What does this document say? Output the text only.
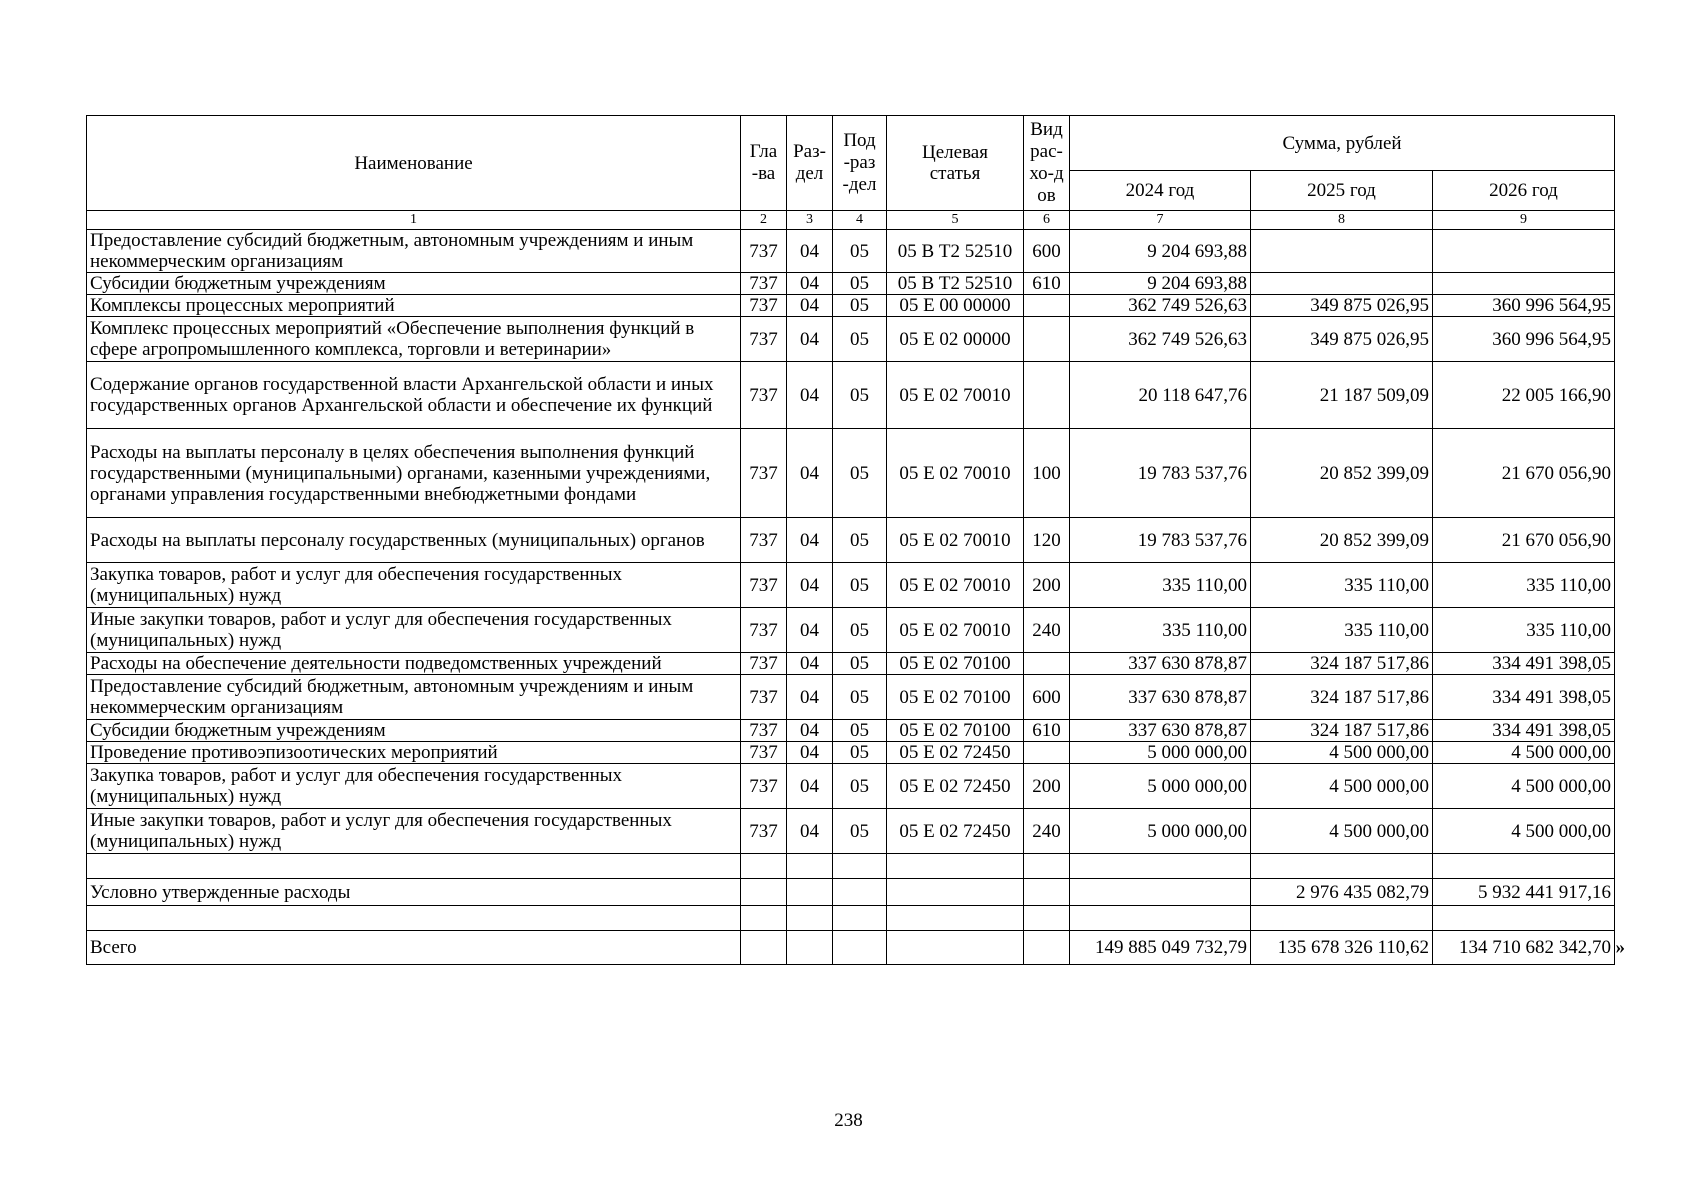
Наименование	Гла-ва	Раз-дел	Под-раз-дел	Целевая статья	Вид рас-хо-дов	Сумма, рублей		
						2024 год	2025 год	2026 год
1	2	3	4	5	6	7	8	9
Предоставление субсидий бюджетным, автономным учреждениям и иным некоммерческим организациям	737	04	05	05 В Т2 52510	600	9 204 693,88		
Субсидии бюджетным учреждениям	737	04	05	05 В Т2 52510	610	9 204 693,88		
Комплексы процессных мероприятий	737	04	05	05 Е 00 00000		362 749 526,63	349 875 026,95	360 996 564,95
Комплекс процессных мероприятий «Обеспечение выполнения функций в сфере агропромышленного комплекса, торговли и ветеринарии»	737	04	05	05 Е 02 00000		362 749 526,63	349 875 026,95	360 996 564,95
Содержание органов государственной власти Архангельской области и иных государственных органов Архангельской области и обеспечение их функций	737	04	05	05 Е 02 70010		20 118 647,76	21 187 509,09	22 005 166,90
Расходы на выплаты персоналу в целях обеспечения выполнения функций государственными (муниципальными) органами, казенными учреждениями, органами управления государственными внебюджетными фондами	737	04	05	05 Е 02 70010	100	19 783 537,76	20 852 399,09	21 670 056,90
Расходы на выплаты персоналу государственных (муниципальных) органов	737	04	05	05 Е 02 70010	120	19 783 537,76	20 852 399,09	21 670 056,90
Закупка товаров, работ и услуг для обеспечения государственных (муниципальных) нужд	737	04	05	05 Е 02 70010	200	335 110,00	335 110,00	335 110,00
Иные закупки товаров, работ и услуг для обеспечения государственных (муниципальных) нужд	737	04	05	05 Е 02 70010	240	335 110,00	335 110,00	335 110,00
Расходы на обеспечение деятельности подведомственных учреждений	737	04	05	05 Е 02 70100		337 630 878,87	324 187 517,86	334 491 398,05
Предоставление субсидий бюджетным, автономным учреждениям и иным некоммерческим организациям	737	04	05	05 Е 02 70100	600	337 630 878,87	324 187 517,86	334 491 398,05
Субсидии бюджетным учреждениям	737	04	05	05 Е 02 70100	610	337 630 878,87	324 187 517,86	334 491 398,05
Проведение противоэпизоотических мероприятий	737	04	05	05 Е 02 72450		5 000 000,00	4 500 000,00	4 500 000,00
Закупка товаров, работ и услуг для обеспечения государственных (муниципальных) нужд	737	04	05	05 Е 02 72450	200	5 000 000,00	4 500 000,00	4 500 000,00
Иные закупки товаров, работ и услуг для обеспечения государственных (муниципальных) нужд	737	04	05	05 Е 02 72450	240	5 000 000,00	4 500 000,00	4 500 000,00

Условно утвержденные расходы							2 976 435 082,79	5 932 441 917,16

Всего						149 885 049 732,79	135 678 326 110,62	134 710 682 342,70 »
238
